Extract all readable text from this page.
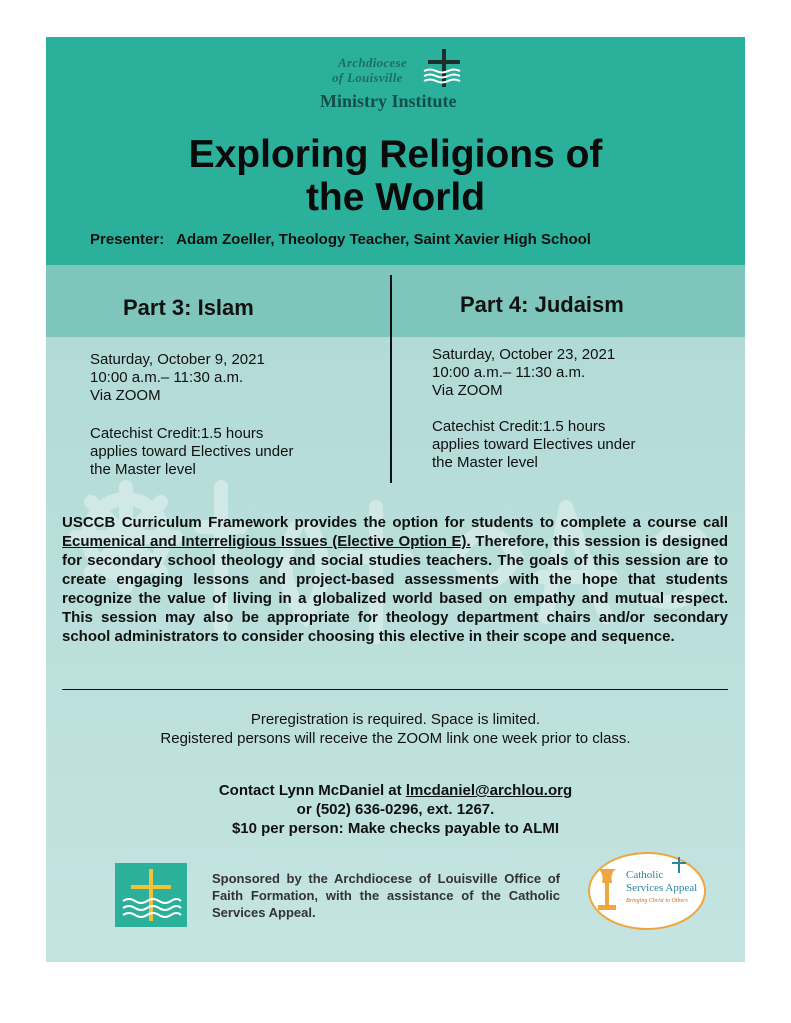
Archdiocese
of Louisville
Ministry Institute
Exploring Religions of
the World
Presenter:   Adam Zoeller, Theology Teacher, Saint Xavier High School
Part 3: Islam	Part 4: Judaism

Saturday, October 9, 2021

10:00 a.m.– 11:30 a.m.

Via ZOOM

Catechist Credit:1.5 hours

applies toward Electives under

the Master level

Saturday, October 23, 2021

10:00 a.m.– 11:30 a.m.

Via ZOOM

Catechist Credit:1.5 hours

applies toward Electives under

the Master level

USCCB Curriculum Framework provides the option for students to complete a course call Ecumenical and Interreligious Issues (Elective Option E). Therefore, this session is designed for secondary school theology and social studies teachers. The goals of this session are to create engaging lessons and project-based assessments with the hope that students recognize the value of living in a globalized world based on empathy and mutual respect. This session may also be appropriate for theology department chairs and/or secondary school administrators to consider choosing this elective in their scope and sequence.
Preregistration is required. Space is limited.
Registered persons will receive the ZOOM link one week prior to class.
Contact Lynn McDaniel at lmcdaniel@archlou.org
or (502) 636-0296, ext. 1267.
$10 per person: Make checks payable to ALMI
Sponsored by the Archdiocese of Louisville Office of Faith Formation, with the assistance of the Catholic Services Appeal.
Catholic
Services Appeal
Bringing Christ to Others
